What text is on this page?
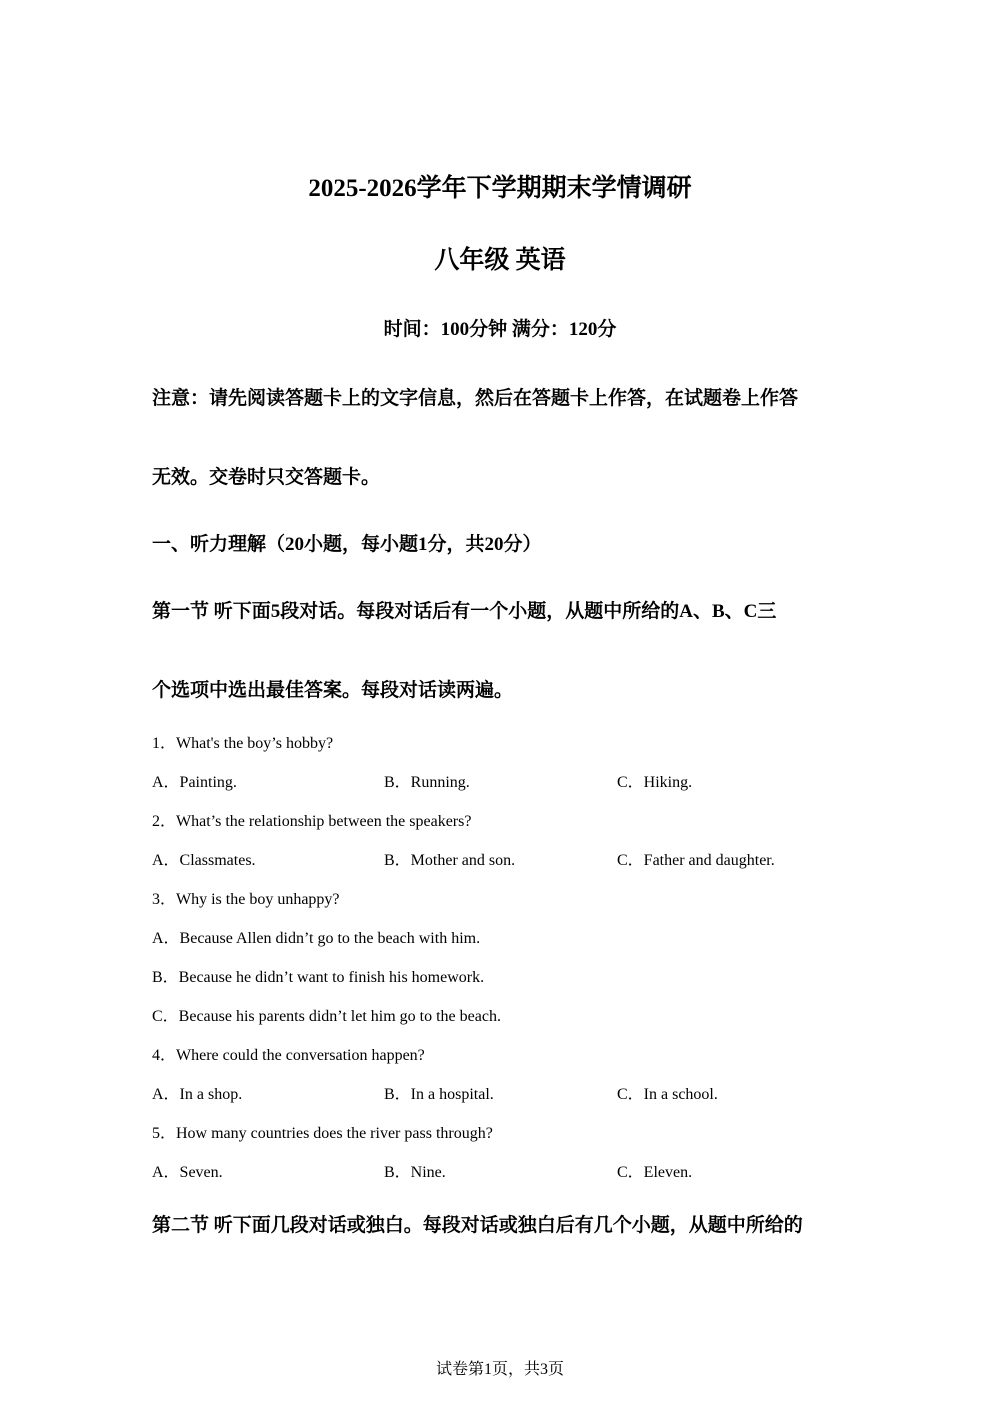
2025-2026学年下学期期末学情调研
八年级 英语
时间：100分钟 满分：120分
注意：请先阅读答题卡上的文字信息，然后在答题卡上作答，在试题卷上作答
无效。交卷时只交答题卡。
一、听力理解（20小题，每小题1分，共20分）
第一节 听下面5段对话。每段对话后有一个小题，从题中所给的A、B、C三
个选项中选出最佳答案。每段对话读两遍。
1．What's the boy’s hobby?
A．Painting.	B．Running.	C．Hiking.
2．What’s the relationship between the speakers?
A．Classmates.	B．Mother and son.	C．Father and daughter.
3．Why is the boy unhappy?
A．Because Allen didn’t go to the beach with him.
B．Because he didn’t want to finish his homework.
C．Because his parents didn’t let him go to the beach.
4．Where could the conversation happen?
A．In a shop.	B．In a hospital.	C．In a school.
5．How many countries does the river pass through?
A．Seven.	B．Nine.	C．Eleven.
第二节 听下面几段对话或独白。每段对话或独白后有几个小题，从题中所给的
试卷第1页，共3页
